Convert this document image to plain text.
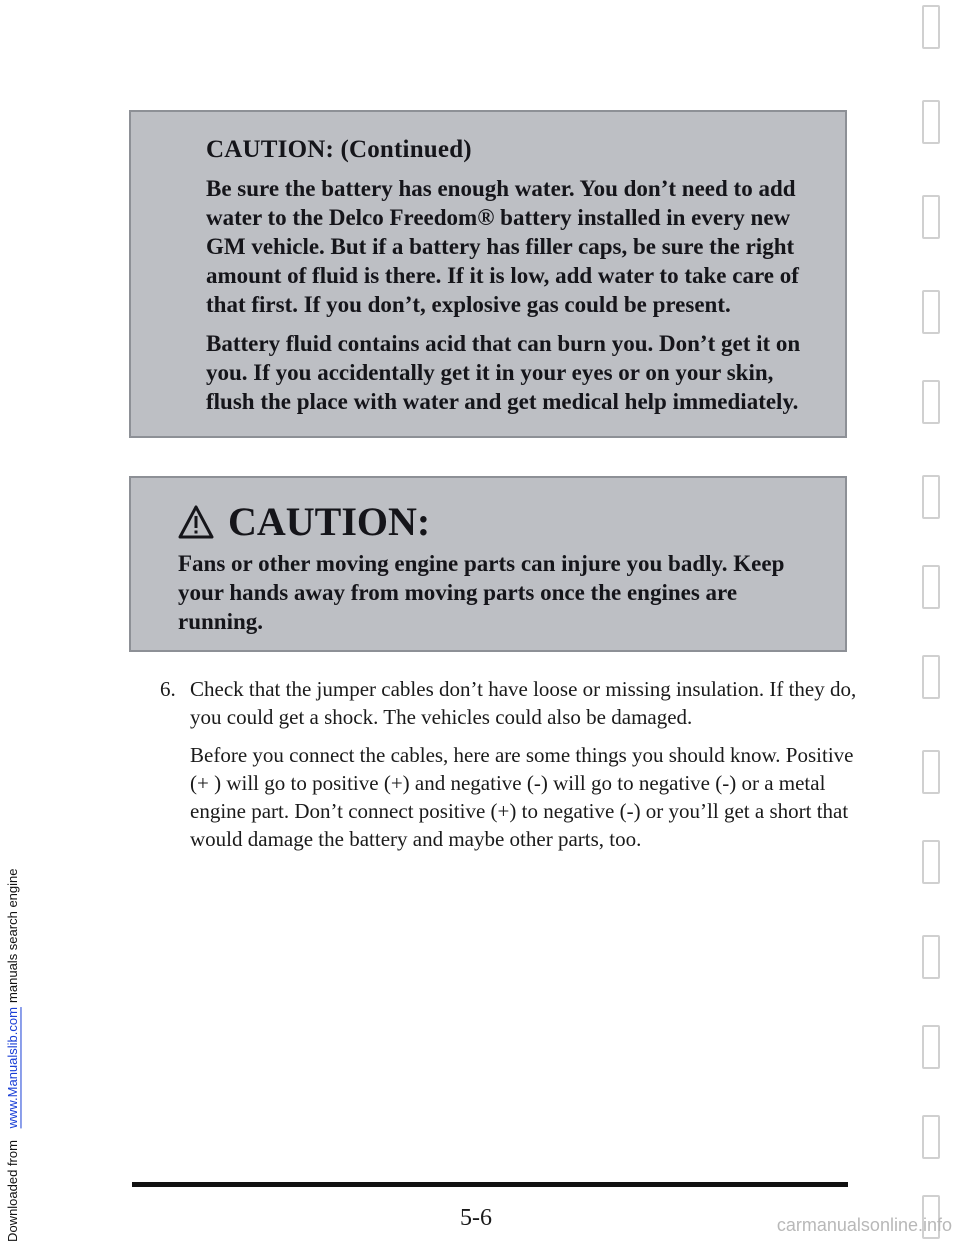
Downloaded from www.Manualslib.com manuals search engine
CAUTION: (Continued)

Be sure the battery has enough water. You don’t need to add water to the Delco Freedom® battery installed in every new GM vehicle. But if a battery has filler caps, be sure the right amount of fluid is there. If it is low, add water to take care of that first. If you don’t, explosive gas could be present.

Battery fluid contains acid that can burn you. Don’t get it on you. If you accidentally get it in your eyes or on your skin, flush the place with water and get medical help immediately.

CAUTION:

Fans or other moving engine parts can injure you badly. Keep your hands away from moving parts once the engines are running.

6. Check that the jumper cables don’t have loose or missing insulation. If they do, you could get a shock. The vehicles could also be damaged.

Before you connect the cables, here are some things you should know. Positive (+ ) will go to positive (+) and negative (-) will go to negative (-) or a metal engine part. Don’t connect positive (+) to negative (-) or you’ll get a short that would damage the battery and maybe other parts, too.

5-6	carmanualsonline.info
